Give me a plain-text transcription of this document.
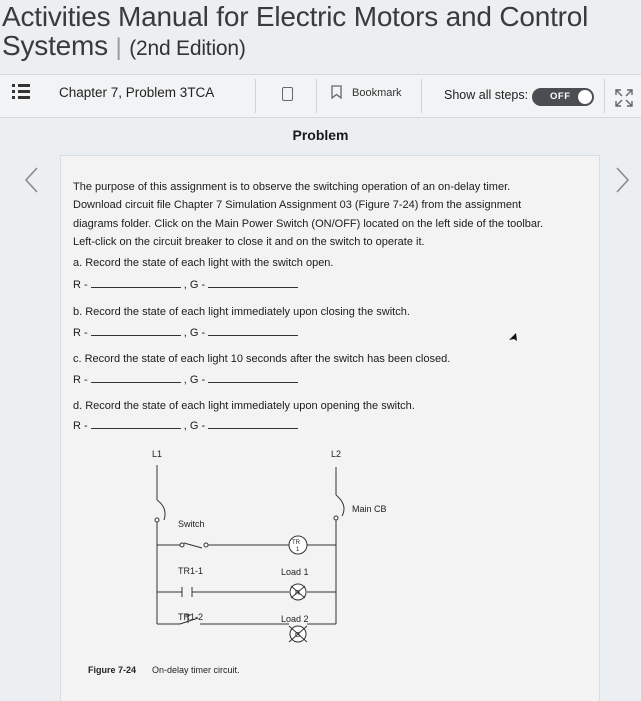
Activities Manual for Electric Motors and Control Systems | (2nd Edition)
Chapter 7, Problem 3TCA	Bookmark	Show all steps: OFF
Problem
The purpose of this assignment is to observe the switching operation of an on-delay timer.
Download circuit file Chapter 7 Simulation Assignment 03 (Figure 7-24) from the assignment
diagrams folder. Click on the Main Power Switch (ON/OFF) located on the left side of the toolbar.
Left-click on the circuit breaker to close it and on the switch to operate it.
a. Record the state of each light with the switch open.
R -	, G -
b. Record the state of each light immediately upon closing the switch.
R -	, G -
c. Record the state of each light 10 seconds after the switch has been closed.
R -	, G -
d. Record the state of each light immediately upon opening the switch.
R -	, G -
L1	L2
Main CB
Switch
TR
1
TR1-1	Load 1
R
TR1-2	Load 2
G
Figure 7-24 On-delay timer circuit.
